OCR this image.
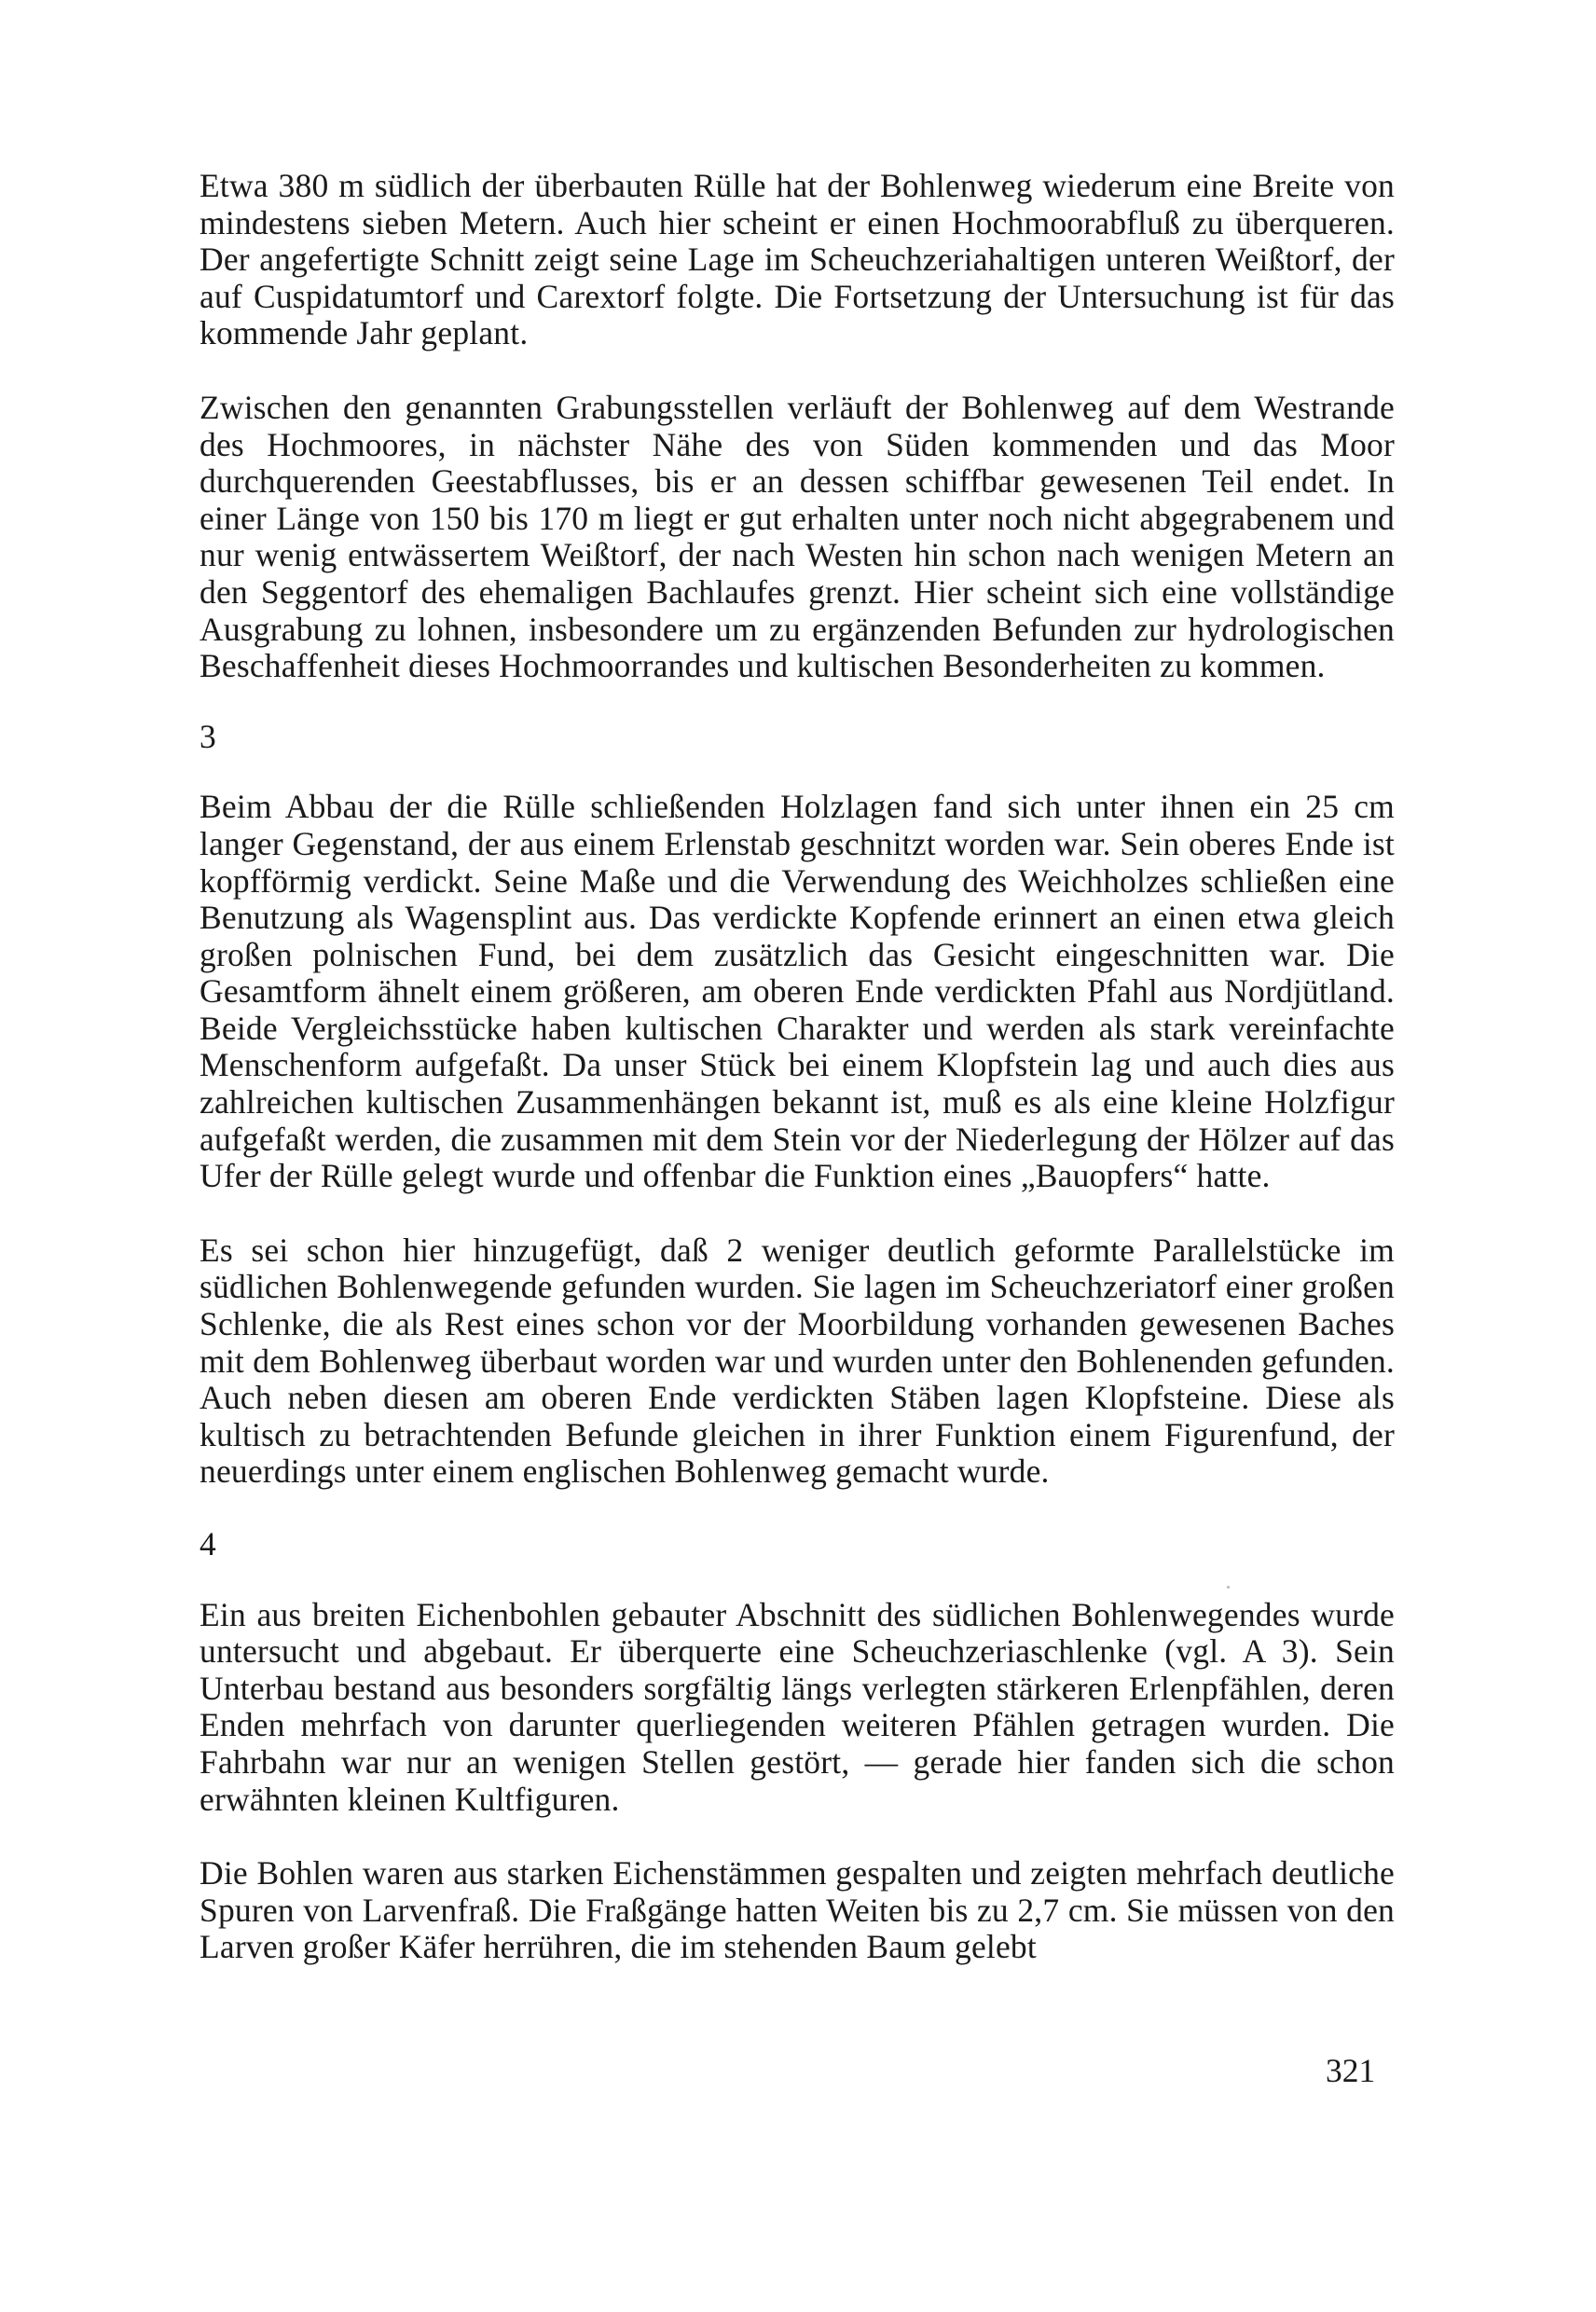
Etwa 380 m südlich der überbauten Rülle hat der Bohlenweg wiederum eine Breite von mindestens sieben Metern. Auch hier scheint er einen Hochmoorabfluß zu überqueren. Der angefertigte Schnitt zeigt seine Lage im Scheuchzeriahaltigen unteren Weißtorf, der auf Cuspidatumtorf und Carextorf folgte. Die Fortsetzung der Untersuchung ist für das kommende Jahr geplant.

Zwischen den genannten Grabungsstellen verläuft der Bohlenweg auf dem Westrande des Hochmoores, in nächster Nähe des von Süden kommenden und das Moor durchquerenden Geestabflusses, bis er an dessen schiffbar gewesenen Teil endet. In einer Länge von 150 bis 170 m liegt er gut erhalten unter noch nicht abgegrabenem und nur wenig entwässertem Weißtorf, der nach Westen hin schon nach wenigen Metern an den Seggentorf des ehemaligen Bachlaufes grenzt. Hier scheint sich eine vollständige Ausgrabung zu lohnen, insbesondere um zu ergänzenden Befunden zur hydrologischen Beschaffenheit dieses Hochmoorrandes und kultischen Besonderheiten zu kommen.

3

Beim Abbau der die Rülle schließenden Holzlagen fand sich unter ihnen ein 25 cm langer Gegenstand, der aus einem Erlenstab geschnitzt worden war. Sein oberes Ende ist kopfförmig verdickt. Seine Maße und die Verwendung des Weichholzes schließen eine Benutzung als Wagensplint aus. Das verdickte Kopfende erinnert an einen etwa gleich großen polnischen Fund, bei dem zusätzlich das Gesicht eingeschnitten war. Die Gesamtform ähnelt einem größeren, am oberen Ende verdickten Pfahl aus Nordjütland. Beide Vergleichsstücke haben kultischen Charakter und werden als stark vereinfachte Menschenform aufgefaßt. Da unser Stück bei einem Klopfstein lag und auch dies aus zahlreichen kultischen Zusammenhängen bekannt ist, muß es als eine kleine Holzfigur aufgefaßt werden, die zusammen mit dem Stein vor der Niederlegung der Hölzer auf das Ufer der Rülle gelegt wurde und offenbar die Funktion eines „Bauopfers“ hatte.

Es sei schon hier hinzugefügt, daß 2 weniger deutlich geformte Parallelstücke im südlichen Bohlenwegende gefunden wurden. Sie lagen im Scheuchzeriatorf einer großen Schlenke, die als Rest eines schon vor der Moorbildung vorhanden gewesenen Baches mit dem Bohlenweg überbaut worden war und wurden unter den Bohlenenden gefunden. Auch neben diesen am oberen Ende verdickten Stäben lagen Klopfsteine. Diese als kultisch zu betrachtenden Befunde gleichen in ihrer Funktion einem Figurenfund, der neuerdings unter einem englischen Bohlenweg gemacht wurde.

4

Ein aus breiten Eichenbohlen gebauter Abschnitt des südlichen Bohlenwegendes wurde untersucht und abgebaut. Er überquerte eine Scheuchzeriaschlenke (vgl. A 3). Sein Unterbau bestand aus besonders sorgfältig längs verlegten stärkeren Erlenpfählen, deren Enden mehrfach von darunter querliegenden weiteren Pfählen getragen wurden. Die Fahrbahn war nur an wenigen Stellen gestört, — gerade hier fanden sich die schon erwähnten kleinen Kultfiguren.

Die Bohlen waren aus starken Eichenstämmen gespalten und zeigten mehrfach deutliche Spuren von Larvenfraß. Die Fraßgänge hatten Weiten bis zu 2,7 cm. Sie müssen von den Larven großer Käfer herrühren, die im stehenden Baum gelebt

321
